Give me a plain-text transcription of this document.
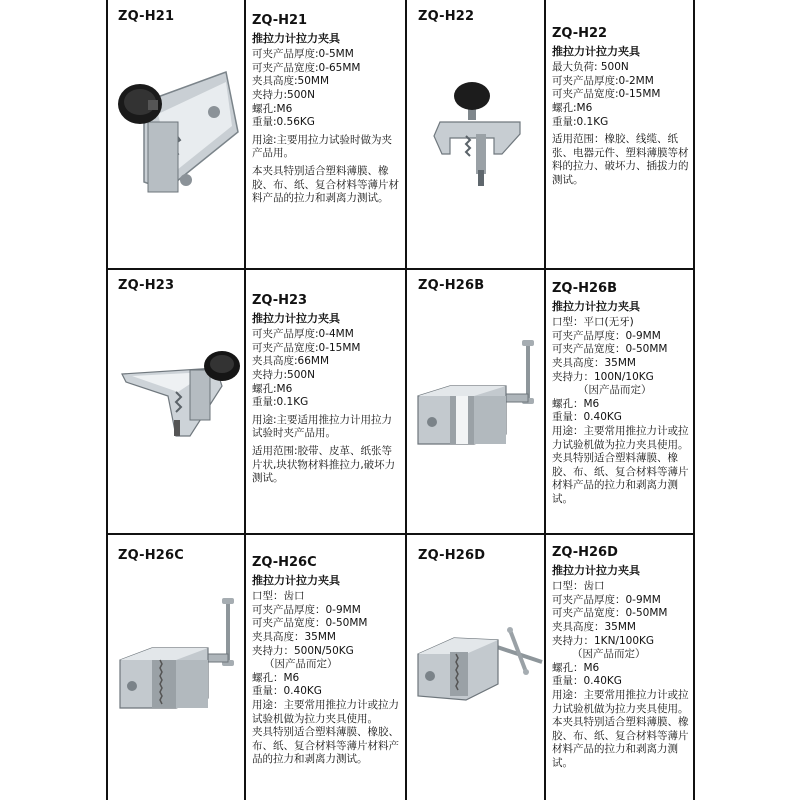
ZQ-H21	ZQ-H21
推拉力计拉力夹具
可夹产品厚度:0-5MM
可夹产品宽度:0-65MM
夹具高度:50MM
夹持力:500N
螺孔:M6
重量:0.56KG
用途:主要用拉力试验时做为夹产品用。
本夹具特别适合塑料薄膜、橡胶、布、纸、复合材料等薄片材料产品的拉力和剥离力测试。
ZQ-H22
ZQ-H22
推拉力计拉力夹具
最大负荷: 500N
可夹产品厚度:0-2MM
可夹产品宽度:0-15MM
螺孔:M6
重量:0.1KG
适用范围：橡胶、线缆、纸张、电器元件、塑料薄膜等材料的拉力、破坏力、插拔力的测试。
ZQ-H23
ZQ-H23
推拉力计拉力夹具
可夹产品厚度:0-4MM
可夹产品宽度:0-15MM
夹具高度:66MM
夹持力:500N
螺孔:M6
重量:0.1KG
用途:主要适用推拉力计用拉力试验时夹产品用。
适用范围:胶带、皮革、纸张等片状,块状物材料推拉力,破坏力测试。
ZQ-H26B	ZQ-H26B
推拉力计拉力夹具
口型：平口(无牙)
可夹产品厚度：0-9MM
可夹产品宽度：0-50MM
夹具高度：35MM
夹持力：100N/10KG
（因产品而定）
螺孔：M6
重量：0.40KG
用途：主要常用推拉力计或拉力试验机做为拉力夹具使用。夹具特别适合塑料薄膜、橡胶、布、纸、复合材料等薄片材料产品的拉力和剥离力测试。
ZQ-H26C	ZQ-H26C
推拉力计拉力夹具
口型：齿口
可夹产品厚度：0-9MM
可夹产品宽度：0-50MM
夹具高度：35MM
夹持力：500N/50KG
（因产品而定）
螺孔：M6
重量：0.40KG
用途：主要常用推拉力计或拉力试验机做为拉力夹具使用。
夹具特别适合塑料薄膜、橡胶、布、纸、复合材料等薄片材料产品的拉力和剥离力测试。
ZQ-H26D	ZQ-H26D
推拉力计拉力夹具
口型：齿口
可夹产品厚度：0-9MM
可夹产品宽度：0-50MM
夹具高度：35MM
夹持力：1KN/100KG
（因产品而定）
螺孔：M6
重量：0.40KG
用途：主要常用推拉力计或拉力试验机做为拉力夹具使用。
本夹具特别适合塑料薄膜、橡胶、布、纸、复合材料等薄片材料产品的拉力和剥离力测试。
